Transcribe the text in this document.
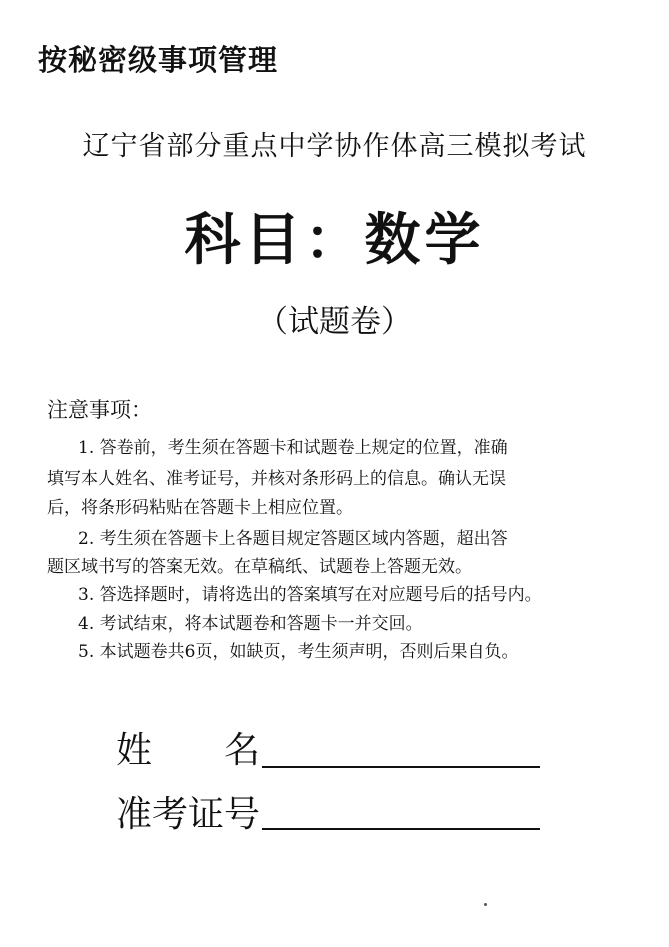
按秘密级事项管理
辽宁省部分重点中学协作体高三模拟考试
科目：数学
（试题卷）
注意事项：
1. 答卷前，考生须在答题卡和试题卷上规定的位置，准确
填写本人姓名、准考证号，并核对条形码上的信息。确认无误
后，将条形码粘贴在答题卡上相应位置。
2. 考生须在答题卡上各题目规定答题区域内答题，超出答
题区域书写的答案无效。在草稿纸、试题卷上答题无效。
3. 答选择题时，请将选出的答案填写在对应题号后的括号内。
4. 考试结束，将本试题卷和答题卡一并交回。
5. 本试题卷共6页，如缺页，考生须声明，否则后果自负。
姓　　名
准考证号
